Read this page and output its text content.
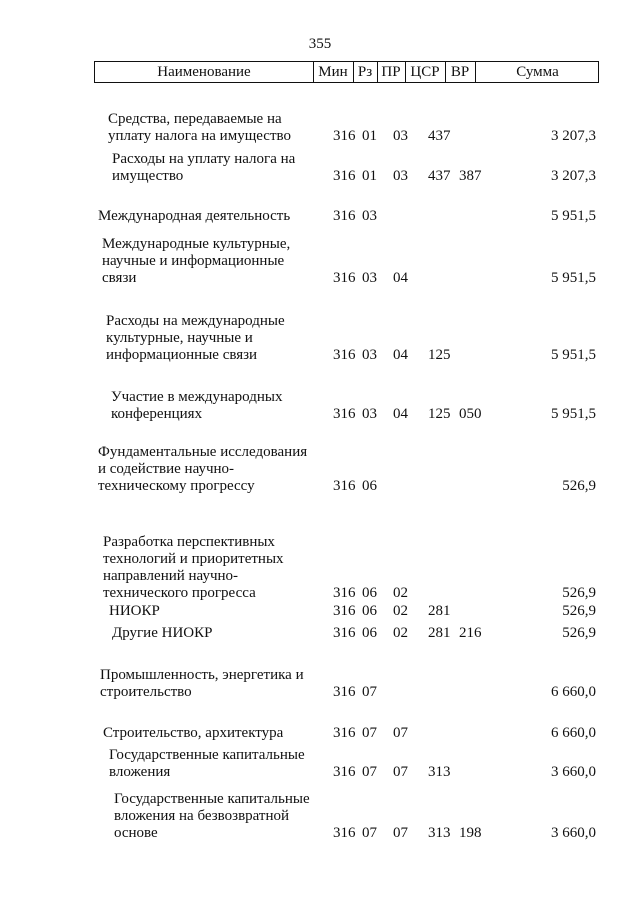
355
Наименование	Мин Рз ПР ЦСР ВР	Сумма
Средства, передаваемые на
уплату налога на имущество	316 01 03 437	3 207,3
Расходы на уплату налога на
имущество	316 01 03 437 387	3 207,3
Международная деятельность	316 03	5 951,5
Международные культурные,
научные и информационные
связи	316 03 04	5 951,5
Расходы на международные
культурные, научные и
информационные связи	316 03 04 125	5 951,5
Участие в международных
конференциях	316 03 04 125 050	5 951,5
Фундаментальные исследования
и содействие научно-
техническому прогрессу	316 06	526,9
Разработка перспективных
технологий и приоритетных
направлений научно-
технического прогресса	316 06 02	526,9
НИОКР	316 06 02 281	526,9
Другие НИОКР	316 06 02 281 216	526,9
Промышленность, энергетика и
строительство	316 07	6 660,0
Строительство, архитектура	316 07 07	6 660,0
Государственные капитальные
вложения	316 07 07 313	3 660,0
Государственные капитальные
вложения на безвозвратной
основе	316 07 07 313 198	3 660,0
